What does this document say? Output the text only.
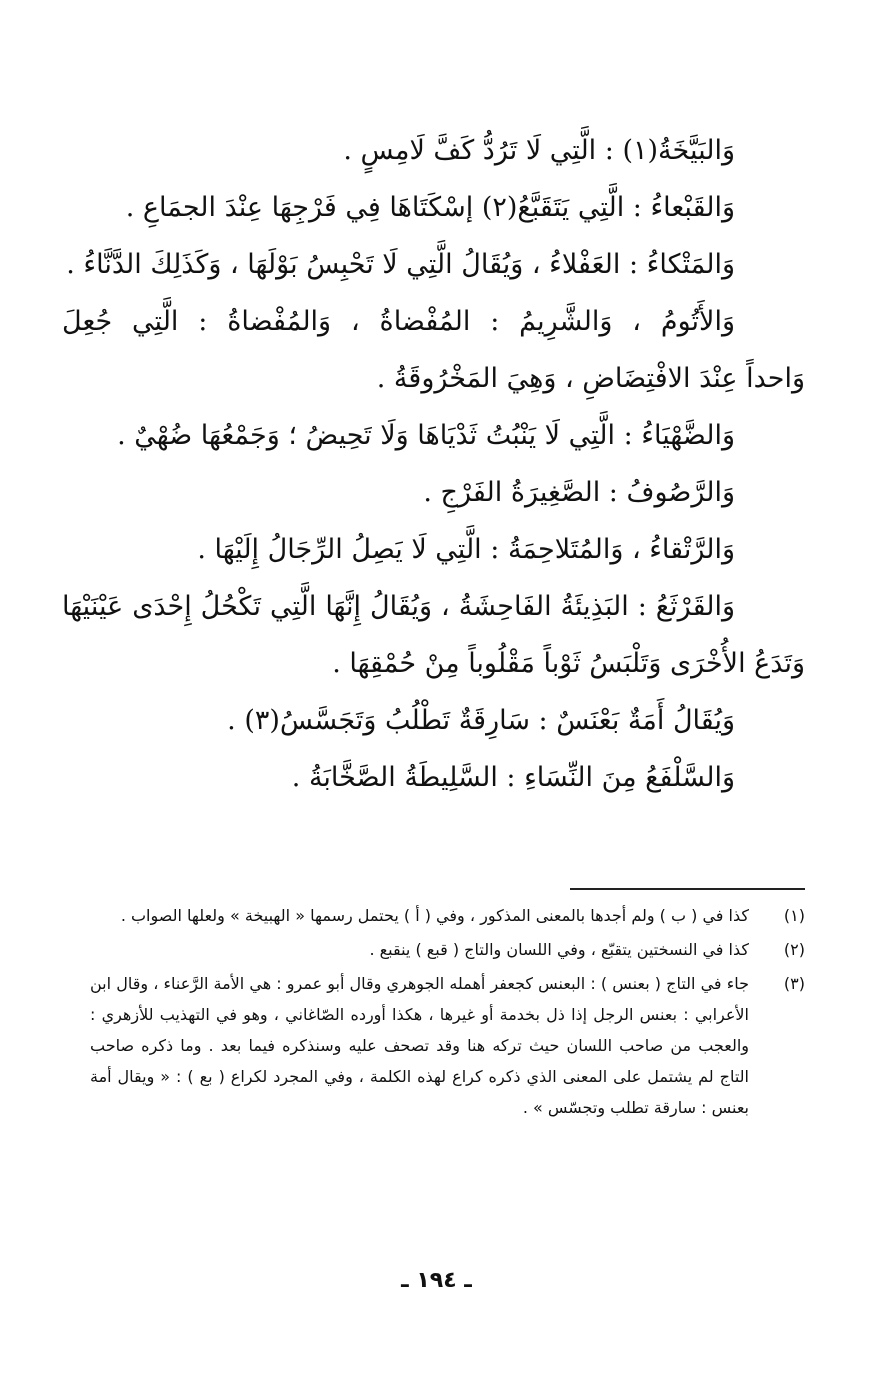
وَالبَيَّخَةُ(١) : الَّتِي لَا تَرُدُّ كَفَّ لَامِسٍ .
وَالقَبْعاءُ : الَّتِي يَتَقَبَّعُ(٢) إسْكَتَاهَا فِي فَرْجِهَا عِنْدَ الجمَاعِ .
وَالمَتْكاءُ : العَفْلاءُ ، وَيُقَالُ الَّتِي لَا تَحْبِسُ بَوْلَهَا ، وَكَذَلِكَ الدَّنَّاءُ .
وَالأَتُومُ ، وَالشَّرِيمُ : المُفْضاةُ ، وَالمُفْضاةُ : الَّتِي جُعِلَ
وَاحداً عِنْدَ الافْتِضَاضِ ، وَهِيَ المَخْرُوقَةُ .
وَالضَّهْيَاءُ : الَّتِي لَا يَنْبُتُ ثَدْيَاهَا وَلَا تَحِيضُ ؛ وَجَمْعُهَا ضُهْيٌ .
وَالرَّصُوفُ : الصَّغِيرَةُ الفَرْجِ .
وَالرَّتْقاءُ ، وَالمُتَلاحِمَةُ : الَّتِي لَا يَصِلُ الرِّجَالُ إِلَيْهَا .
وَالقَرْثَعُ : البَذِيئَةُ الفَاحِشَةُ ، وَيُقَالُ إِنَّهَا الَّتِي تَكْحُلُ إِحْدَى عَيْنَيْهَا
وَتَدَعُ الأُخْرَى وَتَلْبَسُ ثَوْباً مَقْلُوباً مِنْ حُمْقِهَا .
وَيُقَالُ أَمَةٌ بَعْنَسٌ : سَارِقَةٌ تَطْلُبُ وَتَجَسَّسُ(٣) .
وَالسَّلْفَعُ مِنَ النِّسَاءِ : السَّلِيطَةُ الصَّخَّابَةُ .
(١)
كذا في ( ب ) ولم أجدها بالمعنى المذكور ، وفي ( أ ) يحتمل رسمها « الهبيخة » ولعلها الصواب .
(٢)
كذا في النسختين يتقبّع ، وفي اللسان والتاج ( قبع ) ينقبع .
(٣)
جاء في التاج ( بعنس ) : البعنس كجعفر أهمله الجوهري وقال أبو عمرو : هي الأمة الرَّعناء ، وقال ابن الأعرابي : بعنس الرجل إذا ذل بخدمة أو غيرها ، هكذا أورده الصّاغاني ، وهو في التهذيب للأزهري : والعجب من صاحب اللسان حيث تركه هنا وقد تصحف عليه وسنذكره فيما بعد . وما ذكره صاحب التاج لم يشتمل على المعنى الذي ذكره كراع لهذه الكلمة ، وفي المجرد لكراع ( بع ) : « ويقال أمة بعنس : سارقة تطلب وتجسّس » .
ـ ١٩٤ ـ
